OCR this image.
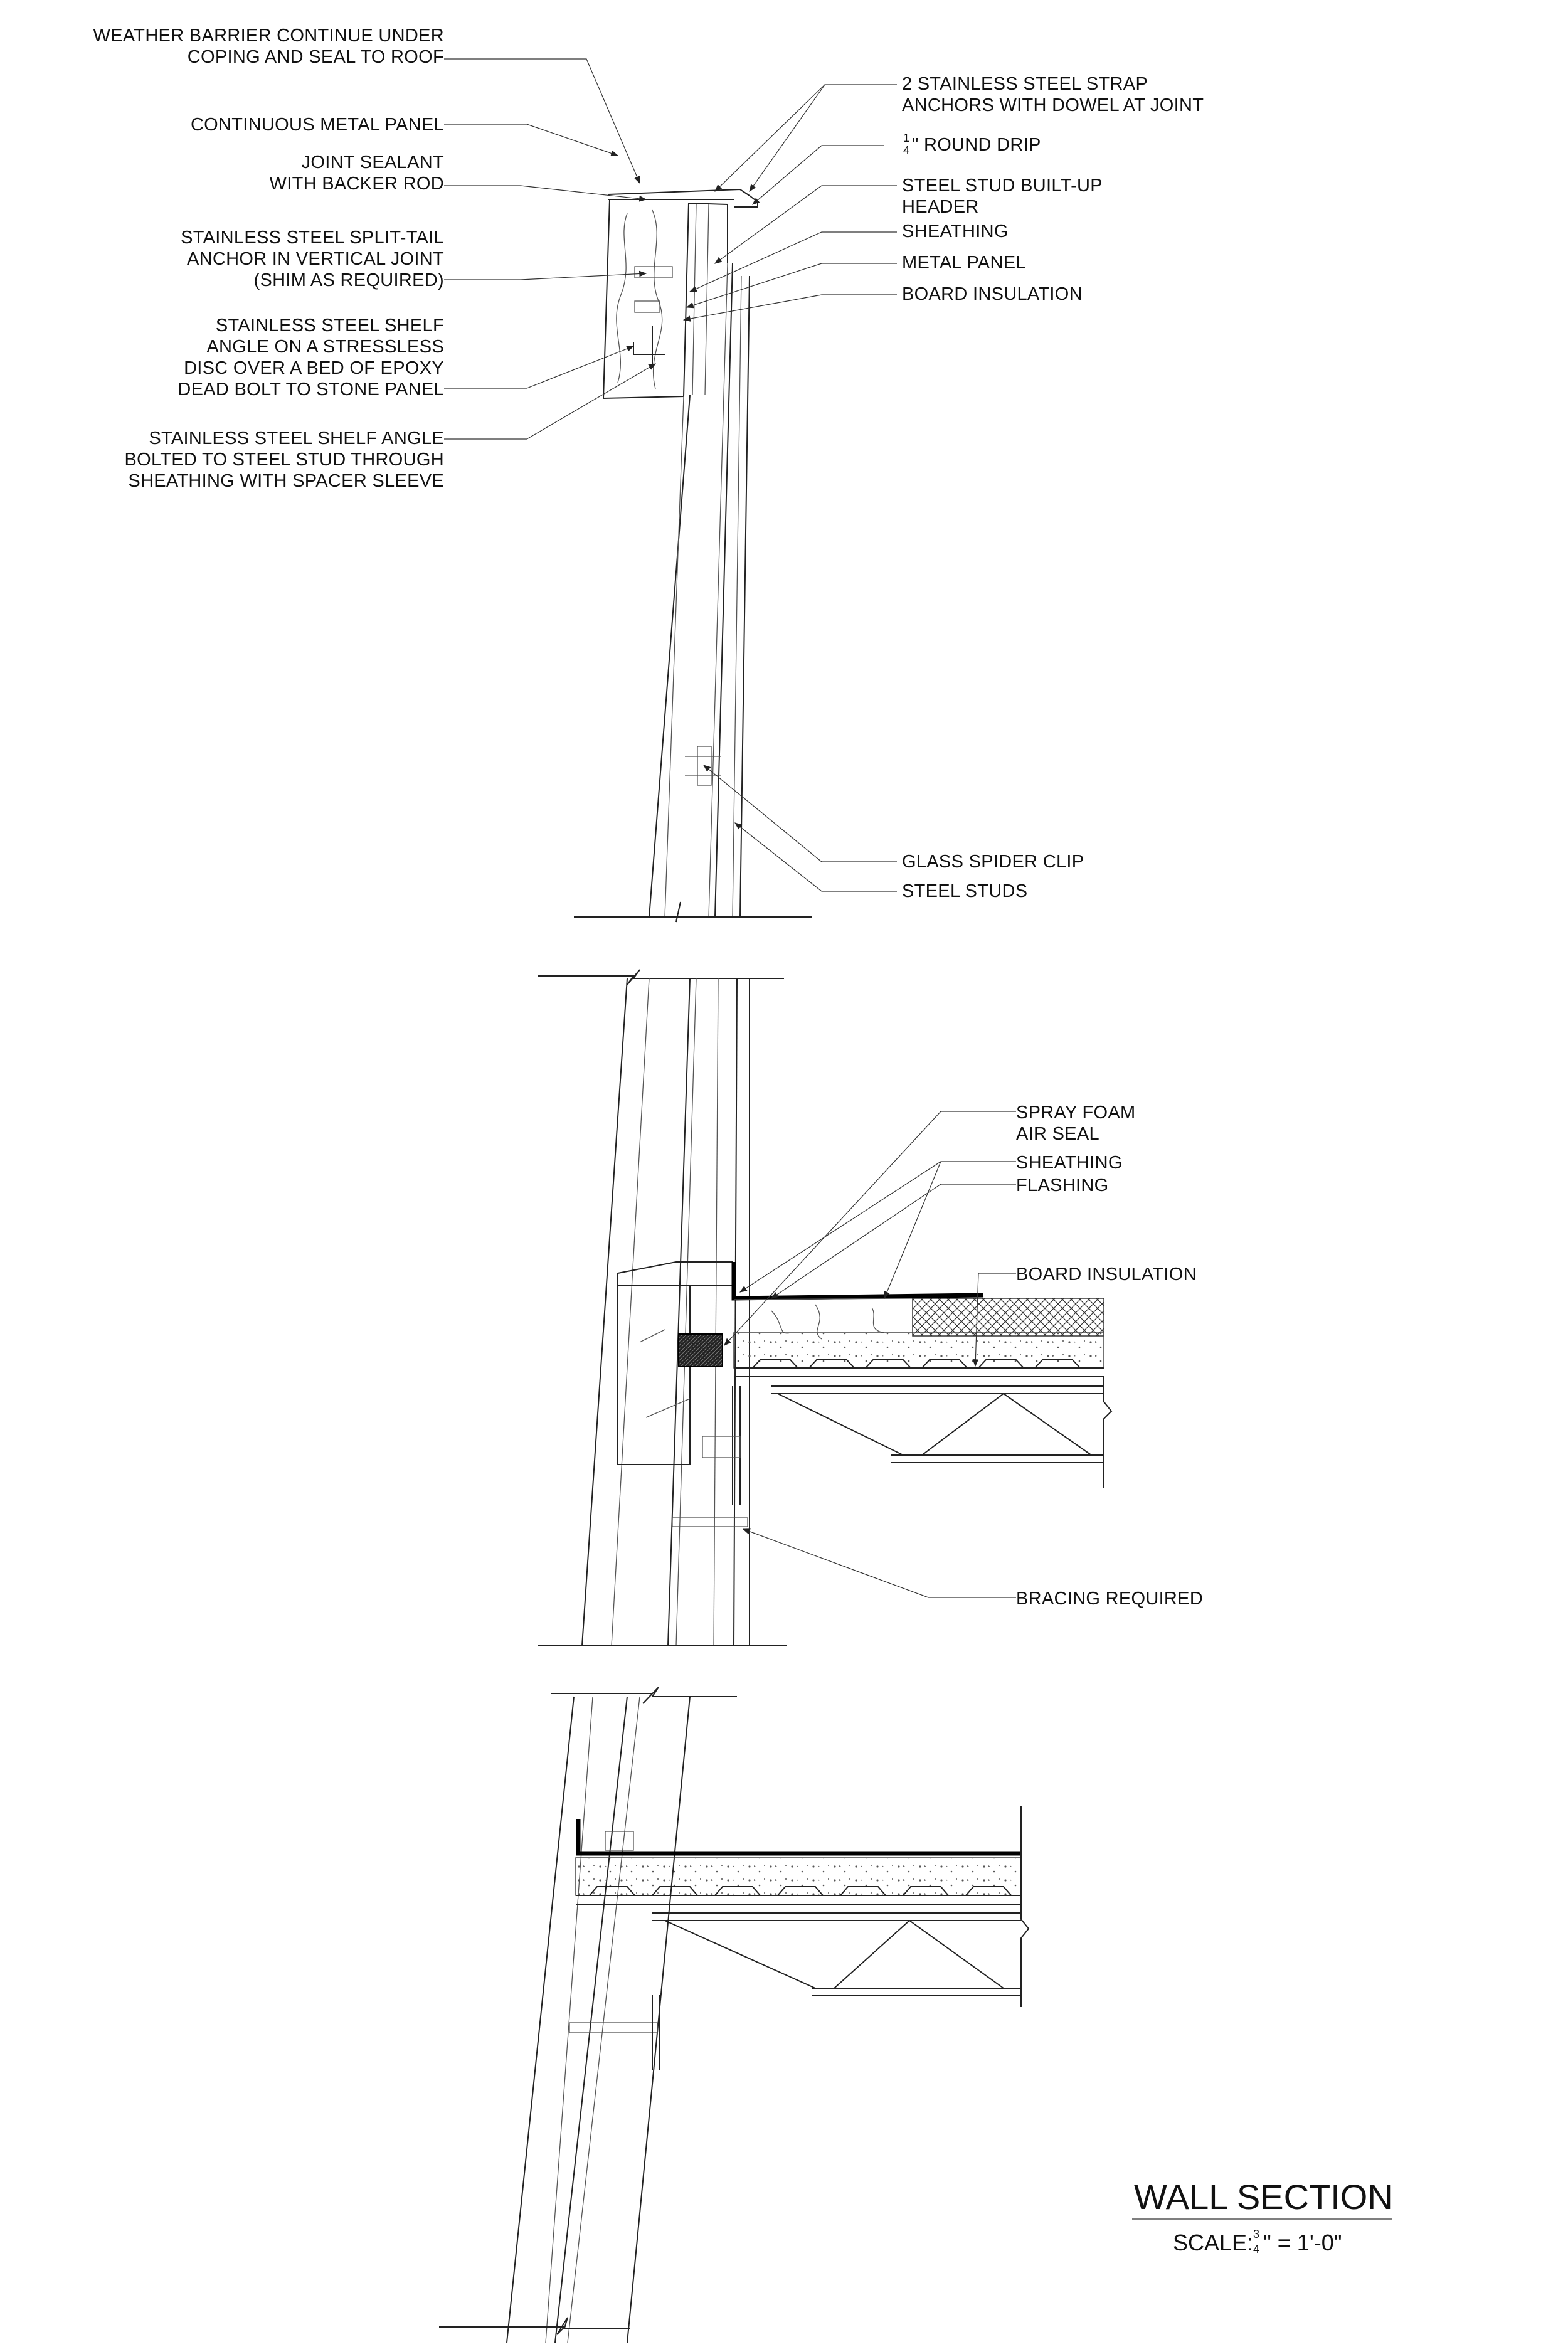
WEATHER BARRIER CONTINUE UNDER
COPING AND SEAL TO ROOF
CONTINUOUS METAL PANEL
JOINT SEALANT
WITH BACKER ROD
STAINLESS STEEL SPLIT-TAIL
ANCHOR IN VERTICAL JOINT
(SHIM AS REQUIRED)
STAINLESS STEEL SHELF
ANGLE ON A STRESSLESS
DISC OVER A BED OF EPOXY
DEAD BOLT TO STONE PANEL
STAINLESS STEEL SHELF ANGLE
BOLTED TO STEEL STUD THROUGH
SHEATHING WITH SPACER SLEEVE
2 STAINLESS STEEL STRAP
ANCHORS WITH DOWEL AT JOINT
1
4 " ROUND DRIP
STEEL STUD BUILT-UP
HEADER
SHEATHING
METAL PANEL
BOARD INSULATION
GLASS SPIDER CLIP
STEEL STUDS
SPRAY FOAM
AIR SEAL
SHEATHING
FLASHING
BOARD INSULATION
BRACING REQUIRED
WALL SECTION
SCALE: 3
4 " = 1'-0"
